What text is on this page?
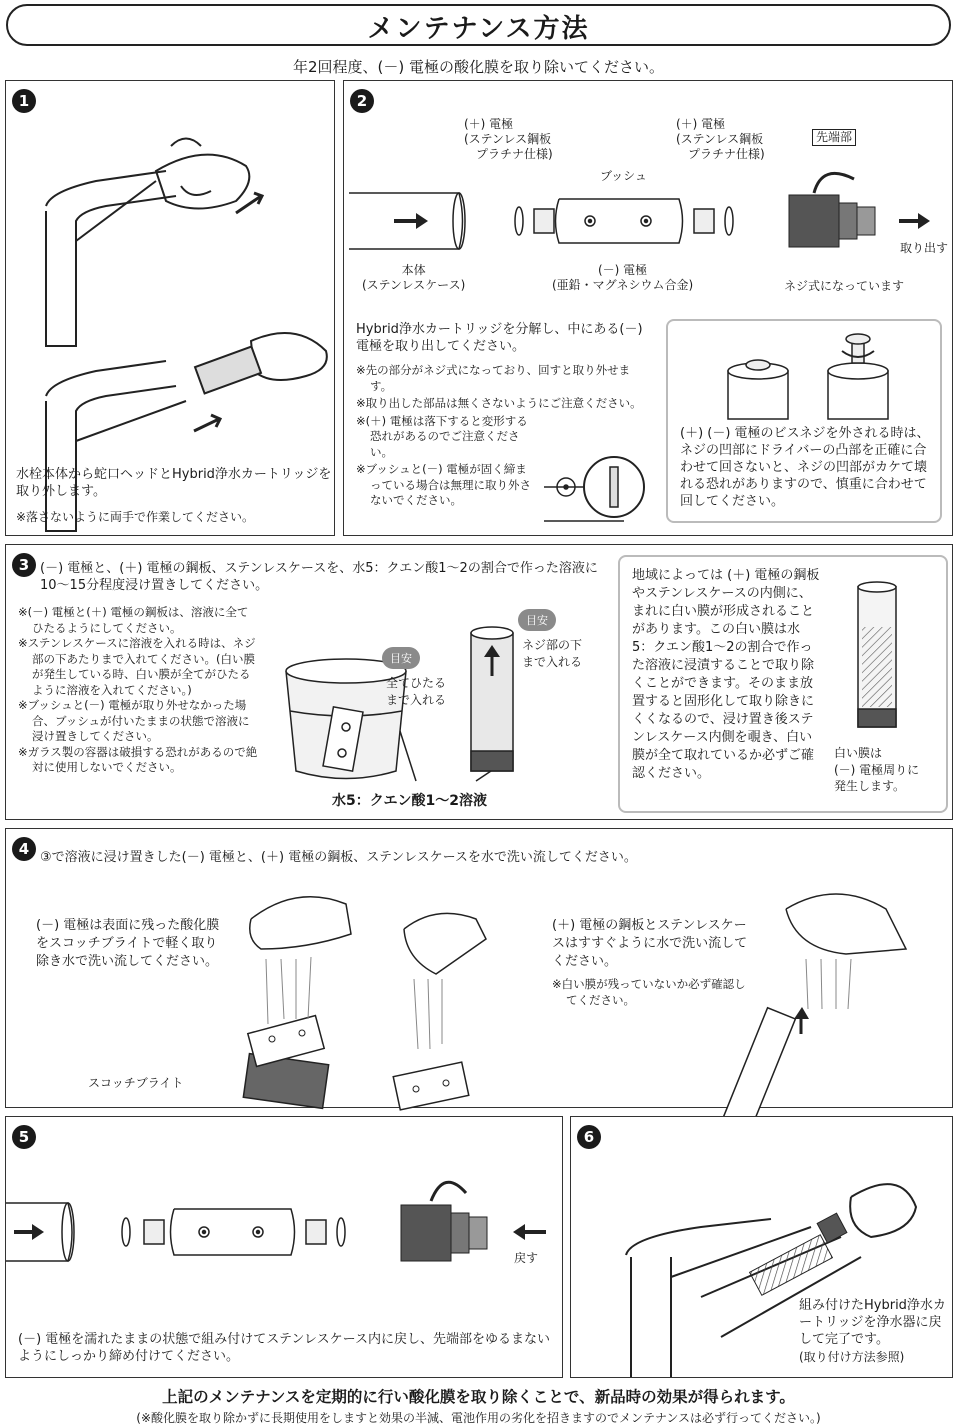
メンテナンス方法
年2回程度、(－) 電極の酸化膜を取り除いてください。
1
水栓本体から蛇口ヘッドとHybrid浄水カートリッジを取り外します。
※落さないように両手で作業してください。
2
(＋) 電極
(ステンレス鋼板
　プラチナ仕様)
(＋) 電極
(ステンレス鋼板
　プラチナ仕様)
ブッシュ
先端部
取り出す
本体
(ステンレスケース)
(－) 電極
(亜鉛・マグネシウム合金)	ネジ式になっています
Hybrid浄水カートリッジを分解し、中にある(－) 電極を取り出してください。
※先の部分がネジ式になっており、回すと取り外せます。
※取り出した部品は無くさないようにご注意ください。
※(＋) 電極は落下すると変形する恐れがあるのでご注意ください。
※ブッシュと(－) 電極が固く締まっている場合は無理に取り外さないでください。
(＋) (－) 電極のビスネジを外される時は、ネジの凹部にドライバーの凸部を正確に合わせて回さないと、ネジの凹部がカケて壊れる恐れがありますので、慎重に合わせて回してください。
3 (－) 電極と、(＋) 電極の鋼板、ステンレスケースを、水5：クエン酸1～2の割合で作った溶液に10～15分程度浸け置きしてください。
※(－) 電極と(＋) 電極の鋼板は、溶液に全てひたるようにしてください。
※ステンレスケースに溶液を入れる時は、ネジ部の下あたりまで入れてください。(白い膜が発生している時、白い膜が全てがひたるように溶液を入れてください。)
※ブッシュと(－) 電極が取り外せなかった場合、ブッシュが付いたままの状態で溶液に浸け置きしてください。
※ガラス製の容器は破損する恐れがあるので絶対に使用しないでください。
目安
全てひたる
まで入れる
目安
ネジ部の下
まで入れる
水5：クエン酸1～2溶液
地域によっては (＋) 電極の鋼板やステンレスケースの内側に、まれに白い膜が形成されることがあります。この白い膜は水5：クエン酸1～2の割合で作った溶液に浸漬することで取り除くことができます。そのまま放置すると固形化して取り除きにくくなるので、浸け置き後ステンレスケース内側を覗き、白い膜が全て取れているか必ずご確認ください。
白い膜は
(－) 電極周りに
発生します。
4 ③で溶液に浸け置きした(－) 電極と、(＋) 電極の鋼板、ステンレスケースを水で洗い流してください。
(－) 電極は表面に残った酸化膜をスコッチブライトで軽く取り除き水で洗い流してください。
スコッチブライト
(＋) 電極の鋼板とステンレスケースはすすぐように水で洗い流してください。
※白い膜が残っていないか必ず確認してください。
5
戻す
(－) 電極を濡れたままの状態で組み付けてステンレスケース内に戻し、先端部をゆるまないようにしっかり締め付けてください。
6
組み付けたHybrid浄水カートリッジを浄水器に戻して完了です。
(取り付け方法参照)
上記のメンテナンスを定期的に行い酸化膜を取り除くことで、新品時の効果が得られます。
(※酸化膜を取り除かずに長期使用をしますと効果の半減、電池作用の劣化を招きますのでメンテナンスは必ず行ってください。)
